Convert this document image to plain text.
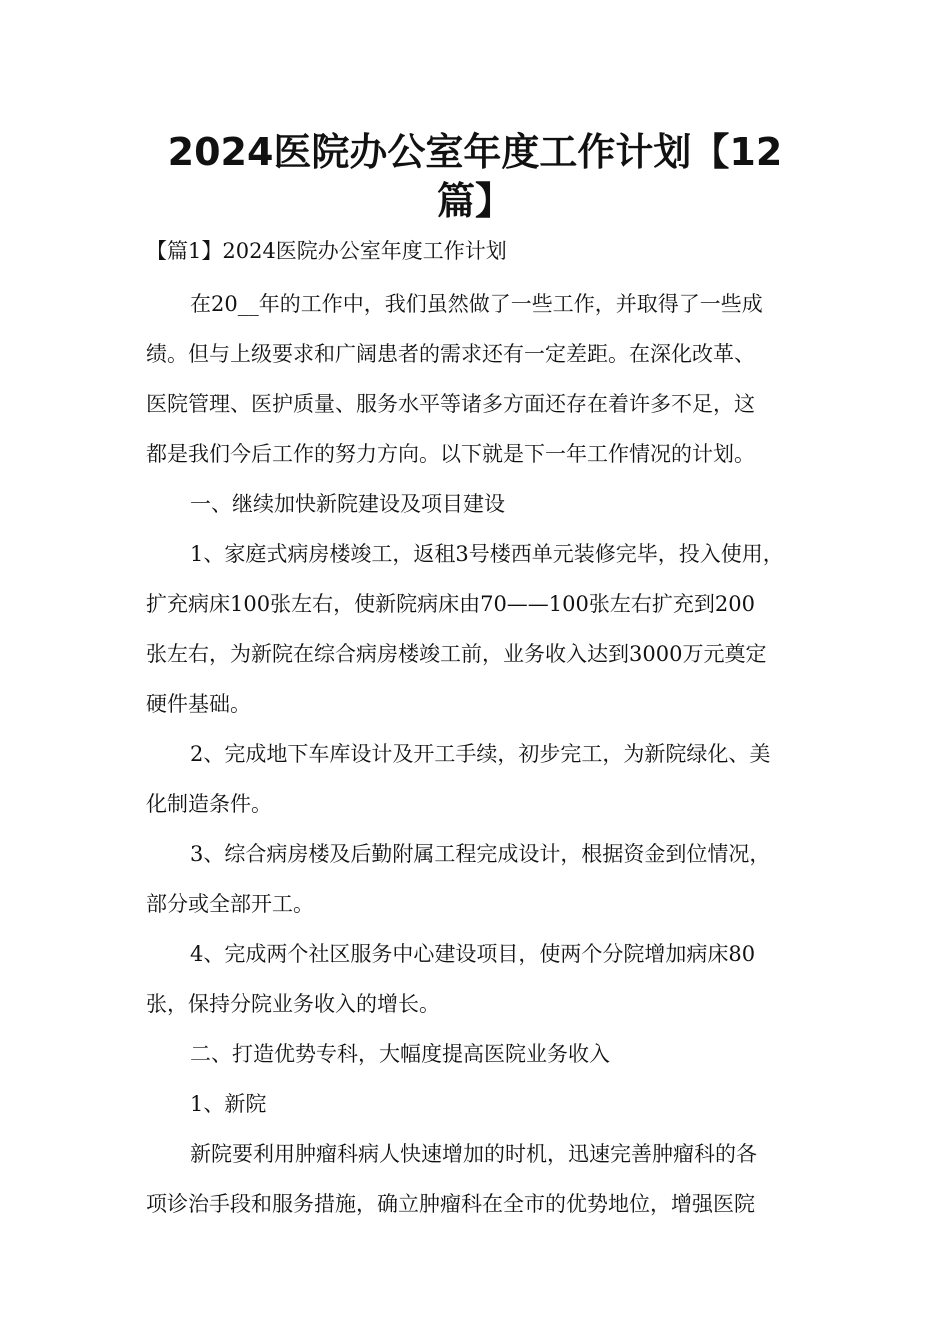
2024医院办公室年度工作计划【12
篇】
【篇1】2024医院办公室年度工作计划
在20__年的工作中，我们虽然做了一些工作，并取得了一些成
绩。但与上级要求和广阔患者的需求还有一定差距。在深化改革、
医院管理、医护质量、服务水平等诸多方面还存在着许多不足，这
都是我们今后工作的努力方向。以下就是下一年工作情况的计划。
一、继续加快新院建设及项目建设
1、家庭式病房楼竣工，返租3号楼西单元装修完毕，投入使用，
扩充病床100张左右，使新院病床由70——100张左右扩充到200
张左右，为新院在综合病房楼竣工前，业务收入达到3000万元奠定
硬件基础。
2、完成地下车库设计及开工手续，初步完工，为新院绿化、美
化制造条件。
3、综合病房楼及后勤附属工程完成设计，根据资金到位情况，
部分或全部开工。
4、完成两个社区服务中心建设项目，使两个分院增加病床80
张，保持分院业务收入的增长。
二、打造优势专科，大幅度提高医院业务收入
1、新院
新院要利用肿瘤科病人快速增加的时机，迅速完善肿瘤科的各
项诊治手段和服务措施，确立肿瘤科在全市的优势地位，增强医院
